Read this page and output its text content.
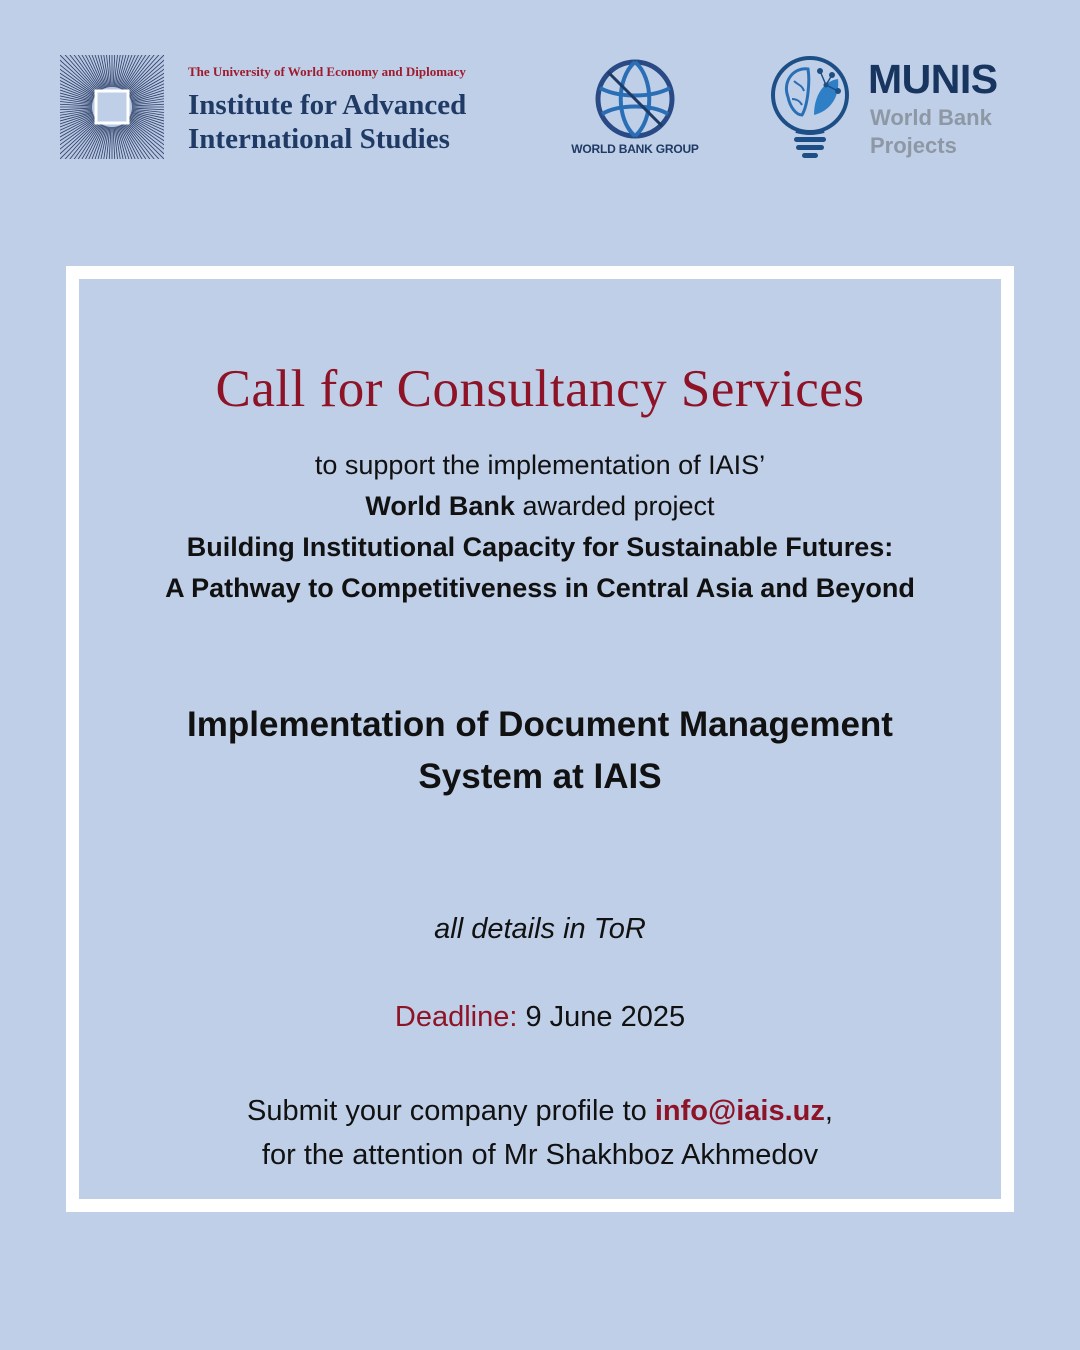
The University of World Economy and Diplomacy
Institute for Advanced
International Studies	WORLD BANK GROUP
MUNIS
World Bank
Projects
Call for Consultancy Services
to support the implementation of IAIS’
World Bank awarded project
Building Institutional Capacity for Sustainable Futures:
A Pathway to Competitiveness in Central Asia and Beyond
Implementation of Document Management
System at IAIS
all details in ToR
Deadline: 9 June 2025
Submit your company profile to info@iais.uz,
for the attention of Mr Shakhboz Akhmedov
